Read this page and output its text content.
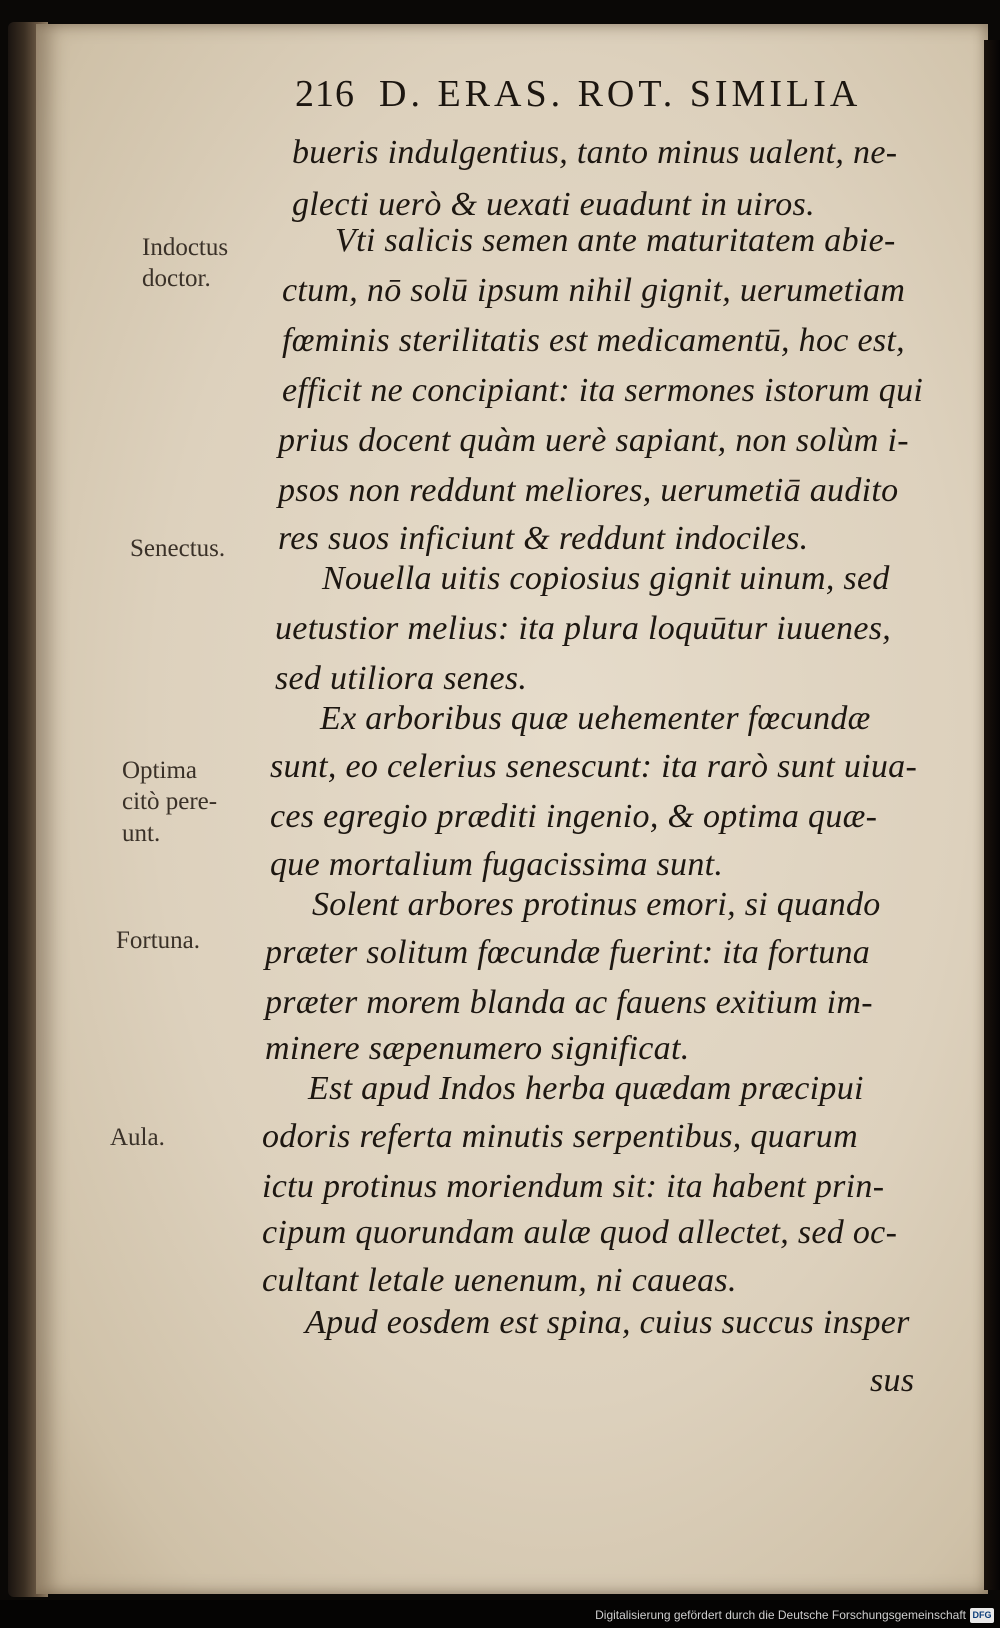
216 D. ERAS. ROT. SIMILIA
Indoctus
doctor.
Senectus.
Optima
citò pere-
unt.
Fortuna.
Aula.
bueris indulgentius, tanto minus ualent, ne-
glecti uerò & uexati euadunt in uiros.
Vti salicis semen ante maturitatem abie-
ctum, nō solū ipsum nihil gignit, uerumetiam
fœminis sterilitatis est medicamentū, hoc est,
efficit ne concipiant: ita sermones istorum qui
prius docent quàm uerè sapiant, non solùm i-
psos non reddunt meliores, uerumetiā audito
res suos inficiunt & reddunt indociles.
Nouella uitis copiosius gignit uinum, sed
uetustior melius: ita plura loquūtur iuuenes,
sed utiliora senes.
Ex arboribus quæ uehementer fœcundæ
sunt, eo celerius senescunt: ita rarò sunt uiua-
ces egregio præditi ingenio, & optima quæ-
que mortalium fugacissima sunt.
Solent arbores protinus emori, si quando
præter solitum fœcundæ fuerint: ita fortuna
præter morem blanda ac fauens exitium im-
minere sæpenumero significat.
Est apud Indos herba quædam præcipui
odoris referta minutis serpentibus, quarum
ictu protinus moriendum sit: ita habent prin-
cipum quorundam aulæ quod allectet, sed oc-
cultant letale uenenum, ni caueas.
Apud eosdem est spina, cuius succus insper
sus
Digitalisierung gefördert durch die Deutsche Forschungsgemeinschaft DFG
